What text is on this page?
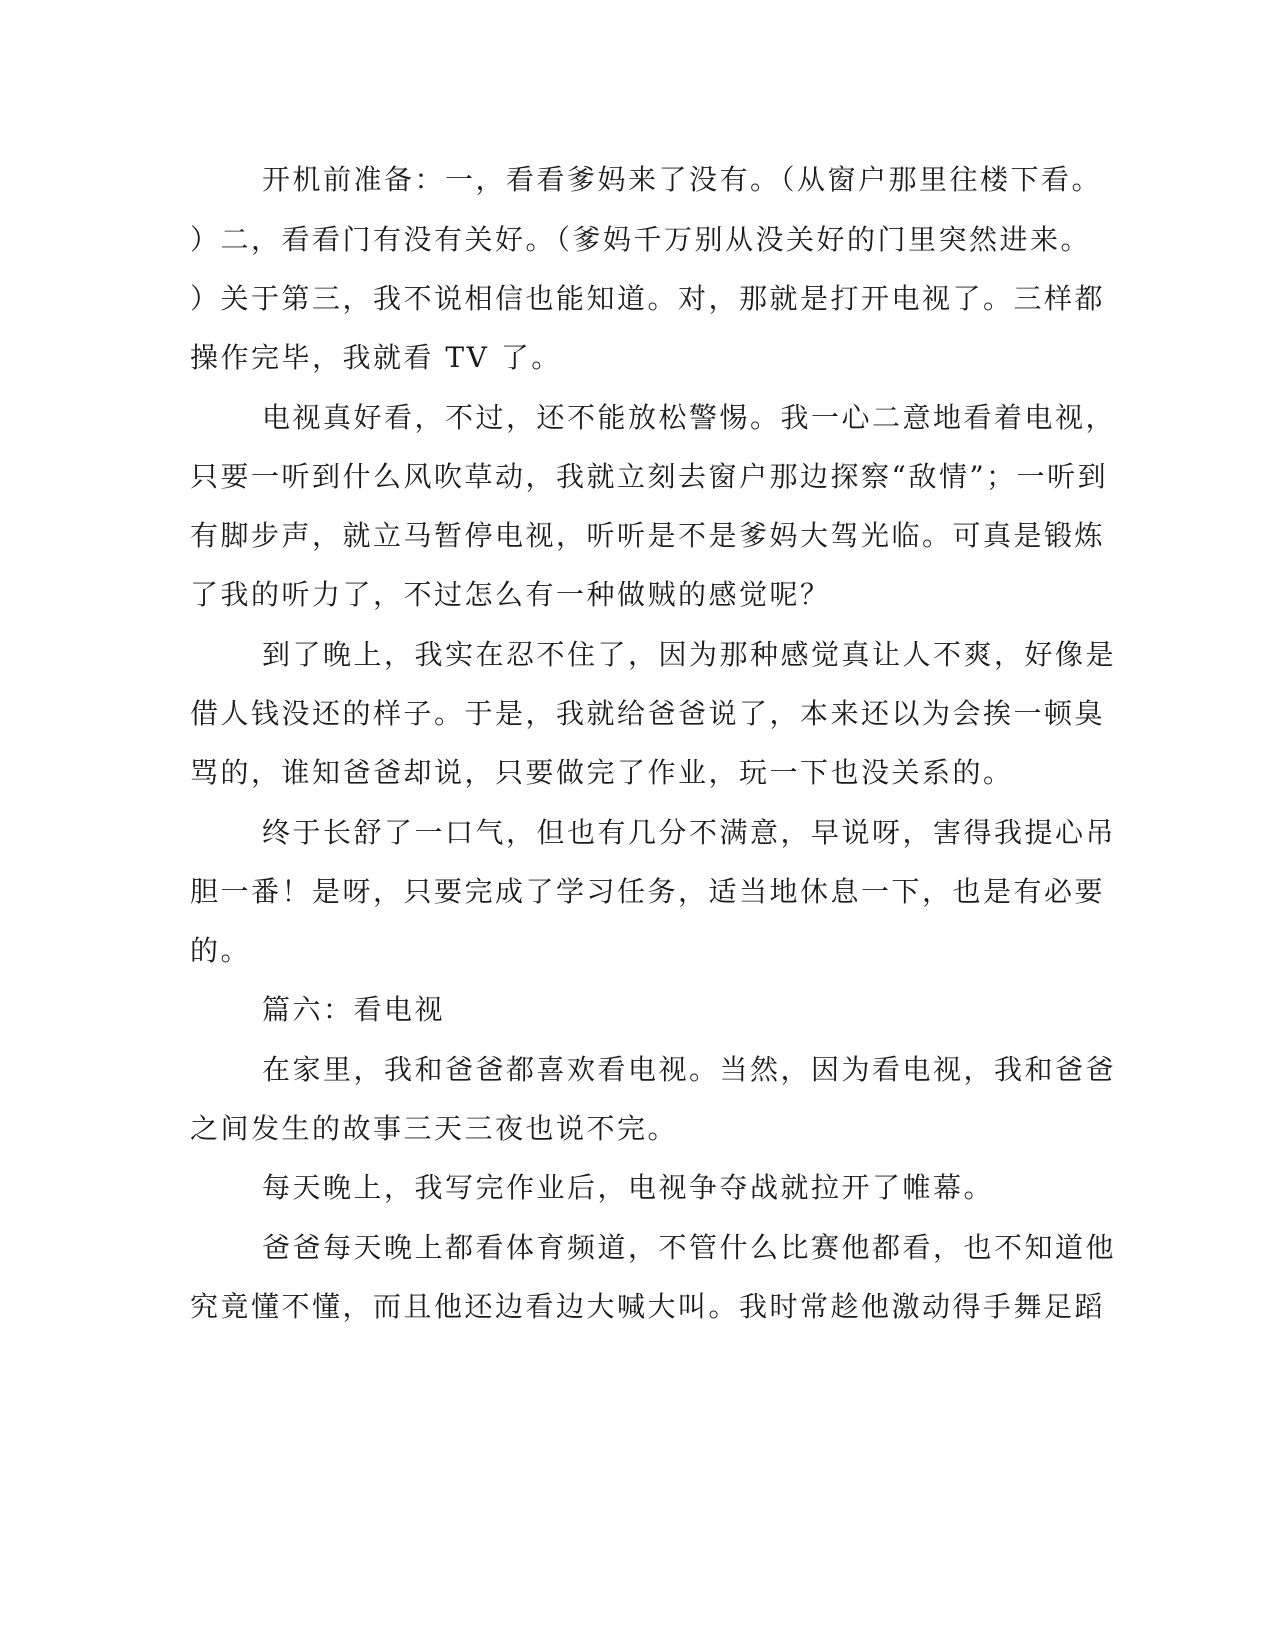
开机前准备：一，看看爹妈来了没有。（从窗户那里往楼下看。
）二，看看门有没有关好。（爹妈千万别从没关好的门里突然进来。
）关于第三，我不说相信也能知道。对，那就是打开电视了。三样都
操作完毕，我就看 TV 了。
电视真好看，不过，还不能放松警惕。我一心二意地看着电视，
只要一听到什么风吹草动，我就立刻去窗户那边探察“敌情”；一听到
有脚步声，就立马暂停电视，听听是不是爹妈大驾光临。可真是锻炼
了我的听力了，不过怎么有一种做贼的感觉呢？
到了晚上，我实在忍不住了，因为那种感觉真让人不爽，好像是
借人钱没还的样子。于是，我就给爸爸说了，本来还以为会挨一顿臭
骂的，谁知爸爸却说，只要做完了作业，玩一下也没关系的。
终于长舒了一口气，但也有几分不满意，早说呀，害得我提心吊
胆一番！是呀，只要完成了学习任务，适当地休息一下，也是有必要
的。
篇六：看电视
在家里，我和爸爸都喜欢看电视。当然，因为看电视，我和爸爸
之间发生的故事三天三夜也说不完。
每天晚上，我写完作业后，电视争夺战就拉开了帷幕。
爸爸每天晚上都看体育频道，不管什么比赛他都看，也不知道他
究竟懂不懂，而且他还边看边大喊大叫。我时常趁他激动得手舞足蹈
